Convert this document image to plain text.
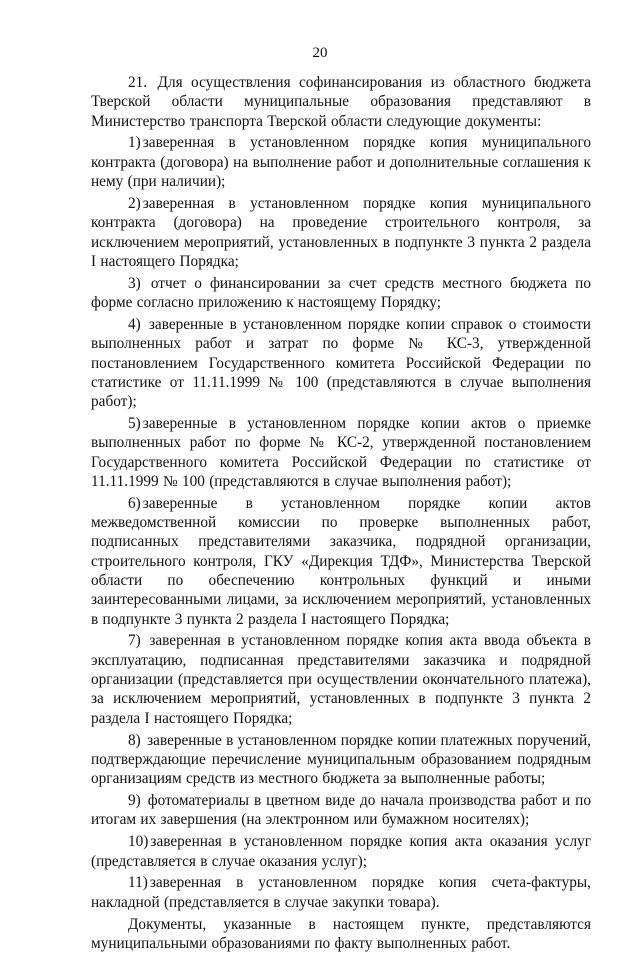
20

21. Для осуществления софинансирования из областного бюджета Тверской области муниципальные образования представляют в Министерство транспорта Тверской области следующие документы:

1) заверенная в установленном порядке копия муниципального контракта (договора) на выполнение работ и дополнительные соглашения к нему (при наличии);

2) заверенная в установленном порядке копия муниципального контракта (договора) на проведение строительного контроля, за исключением мероприятий, установленных в подпункте 3 пункта 2 раздела I настоящего Порядка;

3) отчет о финансировании за счет средств местного бюджета по форме согласно приложению к настоящему Порядку;

4) заверенные в установленном порядке копии справок о стоимости выполненных работ и затрат по форме № КС-3, утвержденной постановлением Государственного комитета Российской Федерации по статистике от 11.11.1999 № 100 (представляются в случае выполнения работ);

5) заверенные в установленном порядке копии актов о приемке выполненных работ по форме № КС-2, утвержденной постановлением Государственного комитета Российской Федерации по статистике от 11.11.1999 № 100 (представляются в случае выполнения работ);

6) заверенные в установленном порядке копии актов межведомственной комиссии по проверке выполненных работ, подписанных представителями заказчика, подрядной организации, строительного контроля, ГКУ «Дирекция ТДФ», Министерства Тверской области по обеспечению контрольных функций и иными заинтересованными лицами, за исключением мероприятий, установленных в подпункте 3 пункта 2 раздела I настоящего Порядка;

7) заверенная в установленном порядке копия акта ввода объекта в эксплуатацию, подписанная представителями заказчика и подрядной организации (представляется при осуществлении окончательного платежа), за исключением мероприятий, установленных в подпункте 3 пункта 2 раздела I настоящего Порядка;

8) заверенные в установленном порядке копии платежных поручений, подтверждающие перечисление муниципальным образованием подрядным организациям средств из местного бюджета за выполненные работы;

9) фотоматериалы в цветном виде до начала производства работ и по итогам их завершения (на электронном или бумажном носителях);

10) заверенная в установленном порядке копия акта оказания услуг (представляется в случае оказания услуг);

11) заверенная в установленном порядке копия счета-фактуры, накладной (представляется в случае закупки товара).

Документы, указанные в настоящем пункте, представляются муниципальными образованиями по факту выполненных работ.
